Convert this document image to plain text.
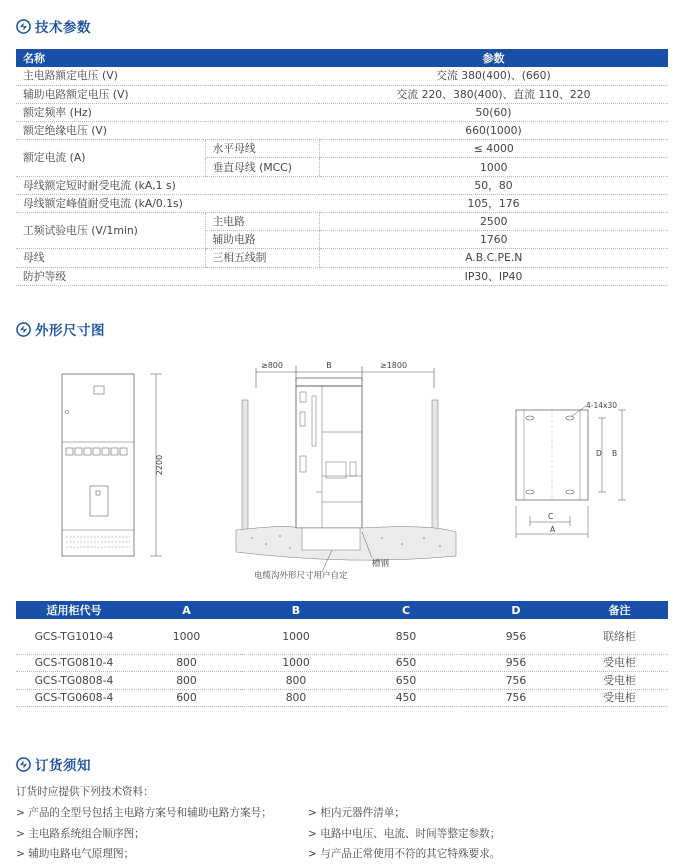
技术参数
名称		参数
主电路额定电压 (V)		交流 380(400)、(660)
辅助电路额定电压 (V)		交流 220、380(400)、直流 110、220
额定频率 (Hz)		50(60)
额定绝缘电压 (V)		660(1000)
额定电流 (A)	水平母线	≤ 4000
	垂直母线 (MCC)	1000
母线额定短时耐受电流 (kA,1 s)		50，80
母线额定峰值耐受电流 (kA/0.1s)		105，176
工频试验电压 (V/1min)	主电路	2500
	辅助电路	1760
母线	三相五线制	A.B.C.PE.N
防护等级		IP30、IP40
外形尺寸图
2200
≥800	B	≥1800
电缆沟外形尺寸用户自定
槽钢
4-14x30
D B
C
A
适用柜代号	A	B	C	D	备注
GCS-TG1010-4	1000	1000	850	956	联络柜
GCS-TG0810-4	800	1000	650	956	受电柜
GCS-TG0808-4	800	800	650	756	受电柜
GCS-TG0608-4	600	800	450	756	受电柜
订货须知
订货时应提供下列技术资料：
> 产品的全型号包括主电路方案号和辅助电路方案号；	> 柜内元器件清单；
> 主电路系统组合顺序图；	> 电路中电压、电流、时间等整定参数；
> 辅助电路电气原理图；	> 与产品正常使用不符的其它特殊要求。
